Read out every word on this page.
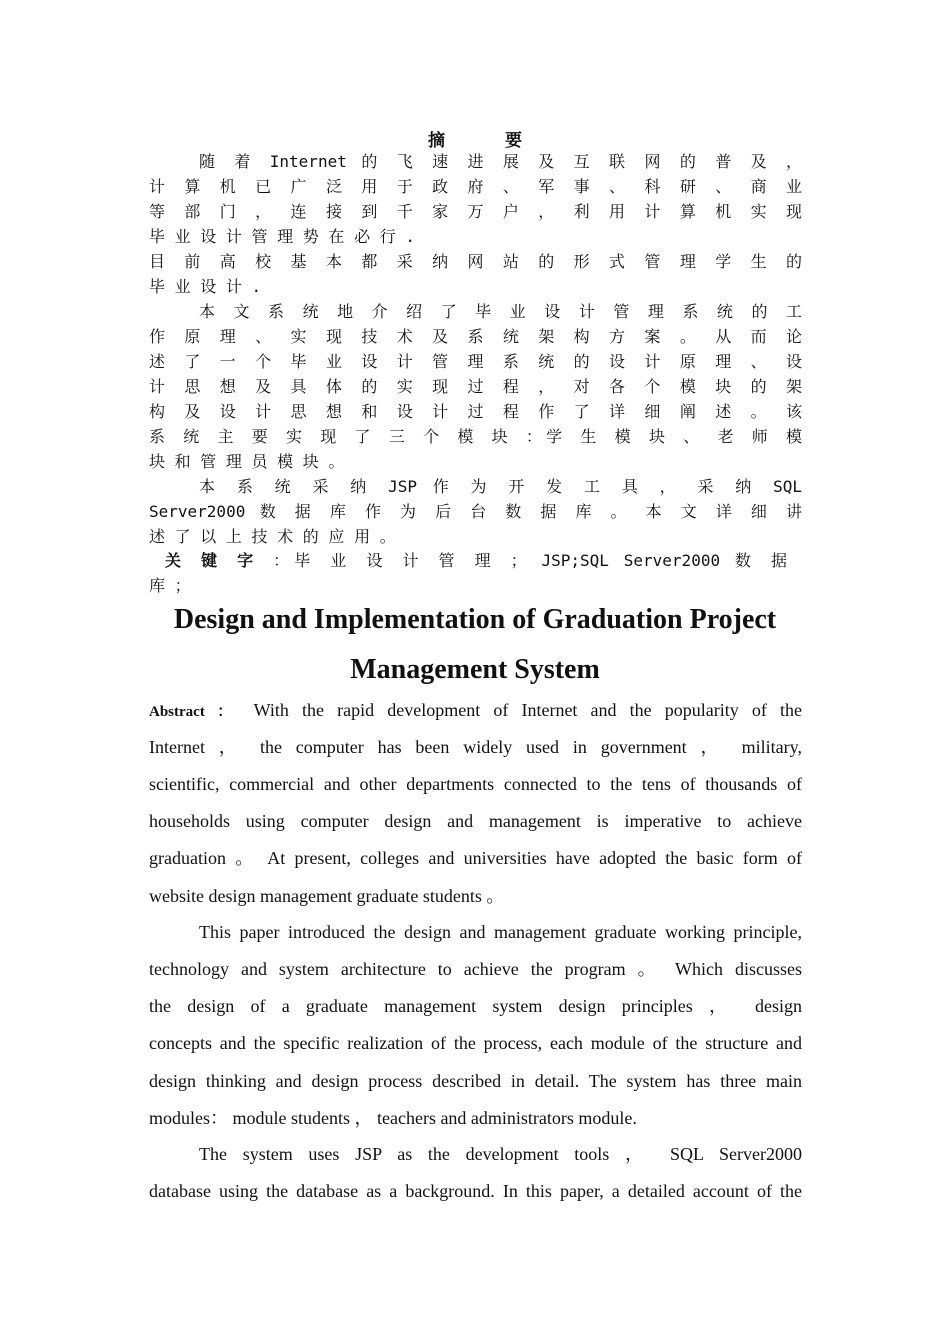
摘要
随 着 Internet 的 飞 速 进 展 及 互 联 网 的 普 及 ，
计 算 机 已 广 泛 用 于 政 府 、 军 事 、 科 研 、 商 业
等 部 门 ， 连 接 到 千 家 万 户 ， 利 用 计 算 机 实 现
毕 业 设 计 管 理 势 在 必 行 .
目 前 高 校 基 本 都 采 纳 网 站 的 形 式 管 理 学 生 的
毕 业 设 计 .
本 文 系 统 地 介 绍 了 毕 业 设 计 管 理 系 统 的 工
作 原 理 、 实 现 技 术 及 系 统 架 构 方 案 。 从 而 论
述 了 一 个 毕 业 设 计 管 理 系 统 的 设 计 原 理 、 设
计 思 想 及 具 体 的 实 现 过 程 ， 对 各 个 模 块 的 架
构 及 设 计 思 想 和 设 计 过 程 作 了 详 细 阐 述 。 该
系 统 主 要 实 现 了 三 个 模 块 ：学 生 模 块 、 老 师 模
块 和 管 理 员 模 块 。
本 系 统 采 纳 JSP 作 为 开 发 工 具 ， 采 纳 SQL
Server2000 数 据 库 作 为 后 台 数 据 库 。 本 文 详 细 讲
述 了 以 上 技 术 的 应 用 。
关 键 字 ：毕 业 设 计 管 理 ； JSP;SQL Server2000 数 据
库 ；
Design and Implementation of Graduation Project
Management System
Abstract ： With the rapid development of Internet and the popularity of the
Internet ， the computer has been widely used in government ， military,
scientific, commercial and other departments connected to the tens of thousands of
households using computer design and management is imperative to achieve
graduation 。 At present, colleges and universities have adopted the basic form of
website design management graduate students 。
This paper introduced the design and management graduate working principle,
technology and system architecture to achieve the program 。 Which discusses
the design of a graduate management system design principles ， design
concepts and the specific realization of the process, each module of the structure and
design thinking and design process described in detail. The system has three main
modules： module students ， teachers and administrators module.
The system uses JSP as the development tools ， SQL Server2000
database using the database as a background. In this paper, a detailed account of the
